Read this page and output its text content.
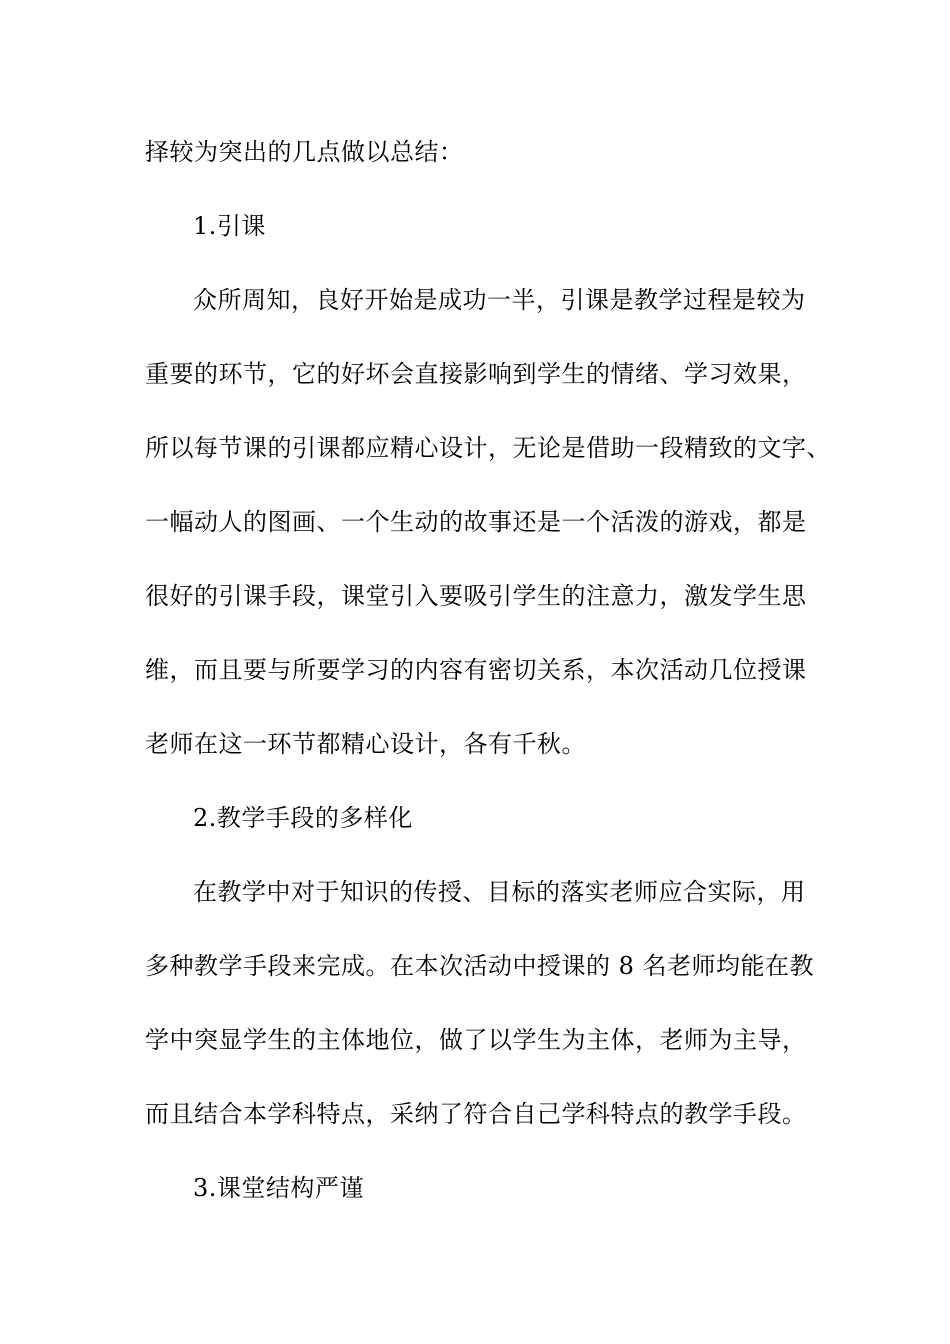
择较为突出的几点做以总结：
1.引课
众所周知，良好开始是成功一半，引课是教学过程是较为
重要的环节，它的好坏会直接影响到学生的情绪、学习效果，
所以每节课的引课都应精心设计，无论是借助一段精致的文字、
一幅动人的图画、一个生动的故事还是一个活泼的游戏，都是
很好的引课手段，课堂引入要吸引学生的注意力，激发学生思
维，而且要与所要学习的内容有密切关系，本次活动几位授课
老师在这一环节都精心设计，各有千秋。
2.教学手段的多样化
在教学中对于知识的传授、目标的落实老师应合实际，用
多种教学手段来完成。在本次活动中授课的 8 名老师均能在教
学中突显学生的主体地位，做了以学生为主体，老师为主导，
而且结合本学科特点，采纳了符合自己学科特点的教学手段。
3.课堂结构严谨
